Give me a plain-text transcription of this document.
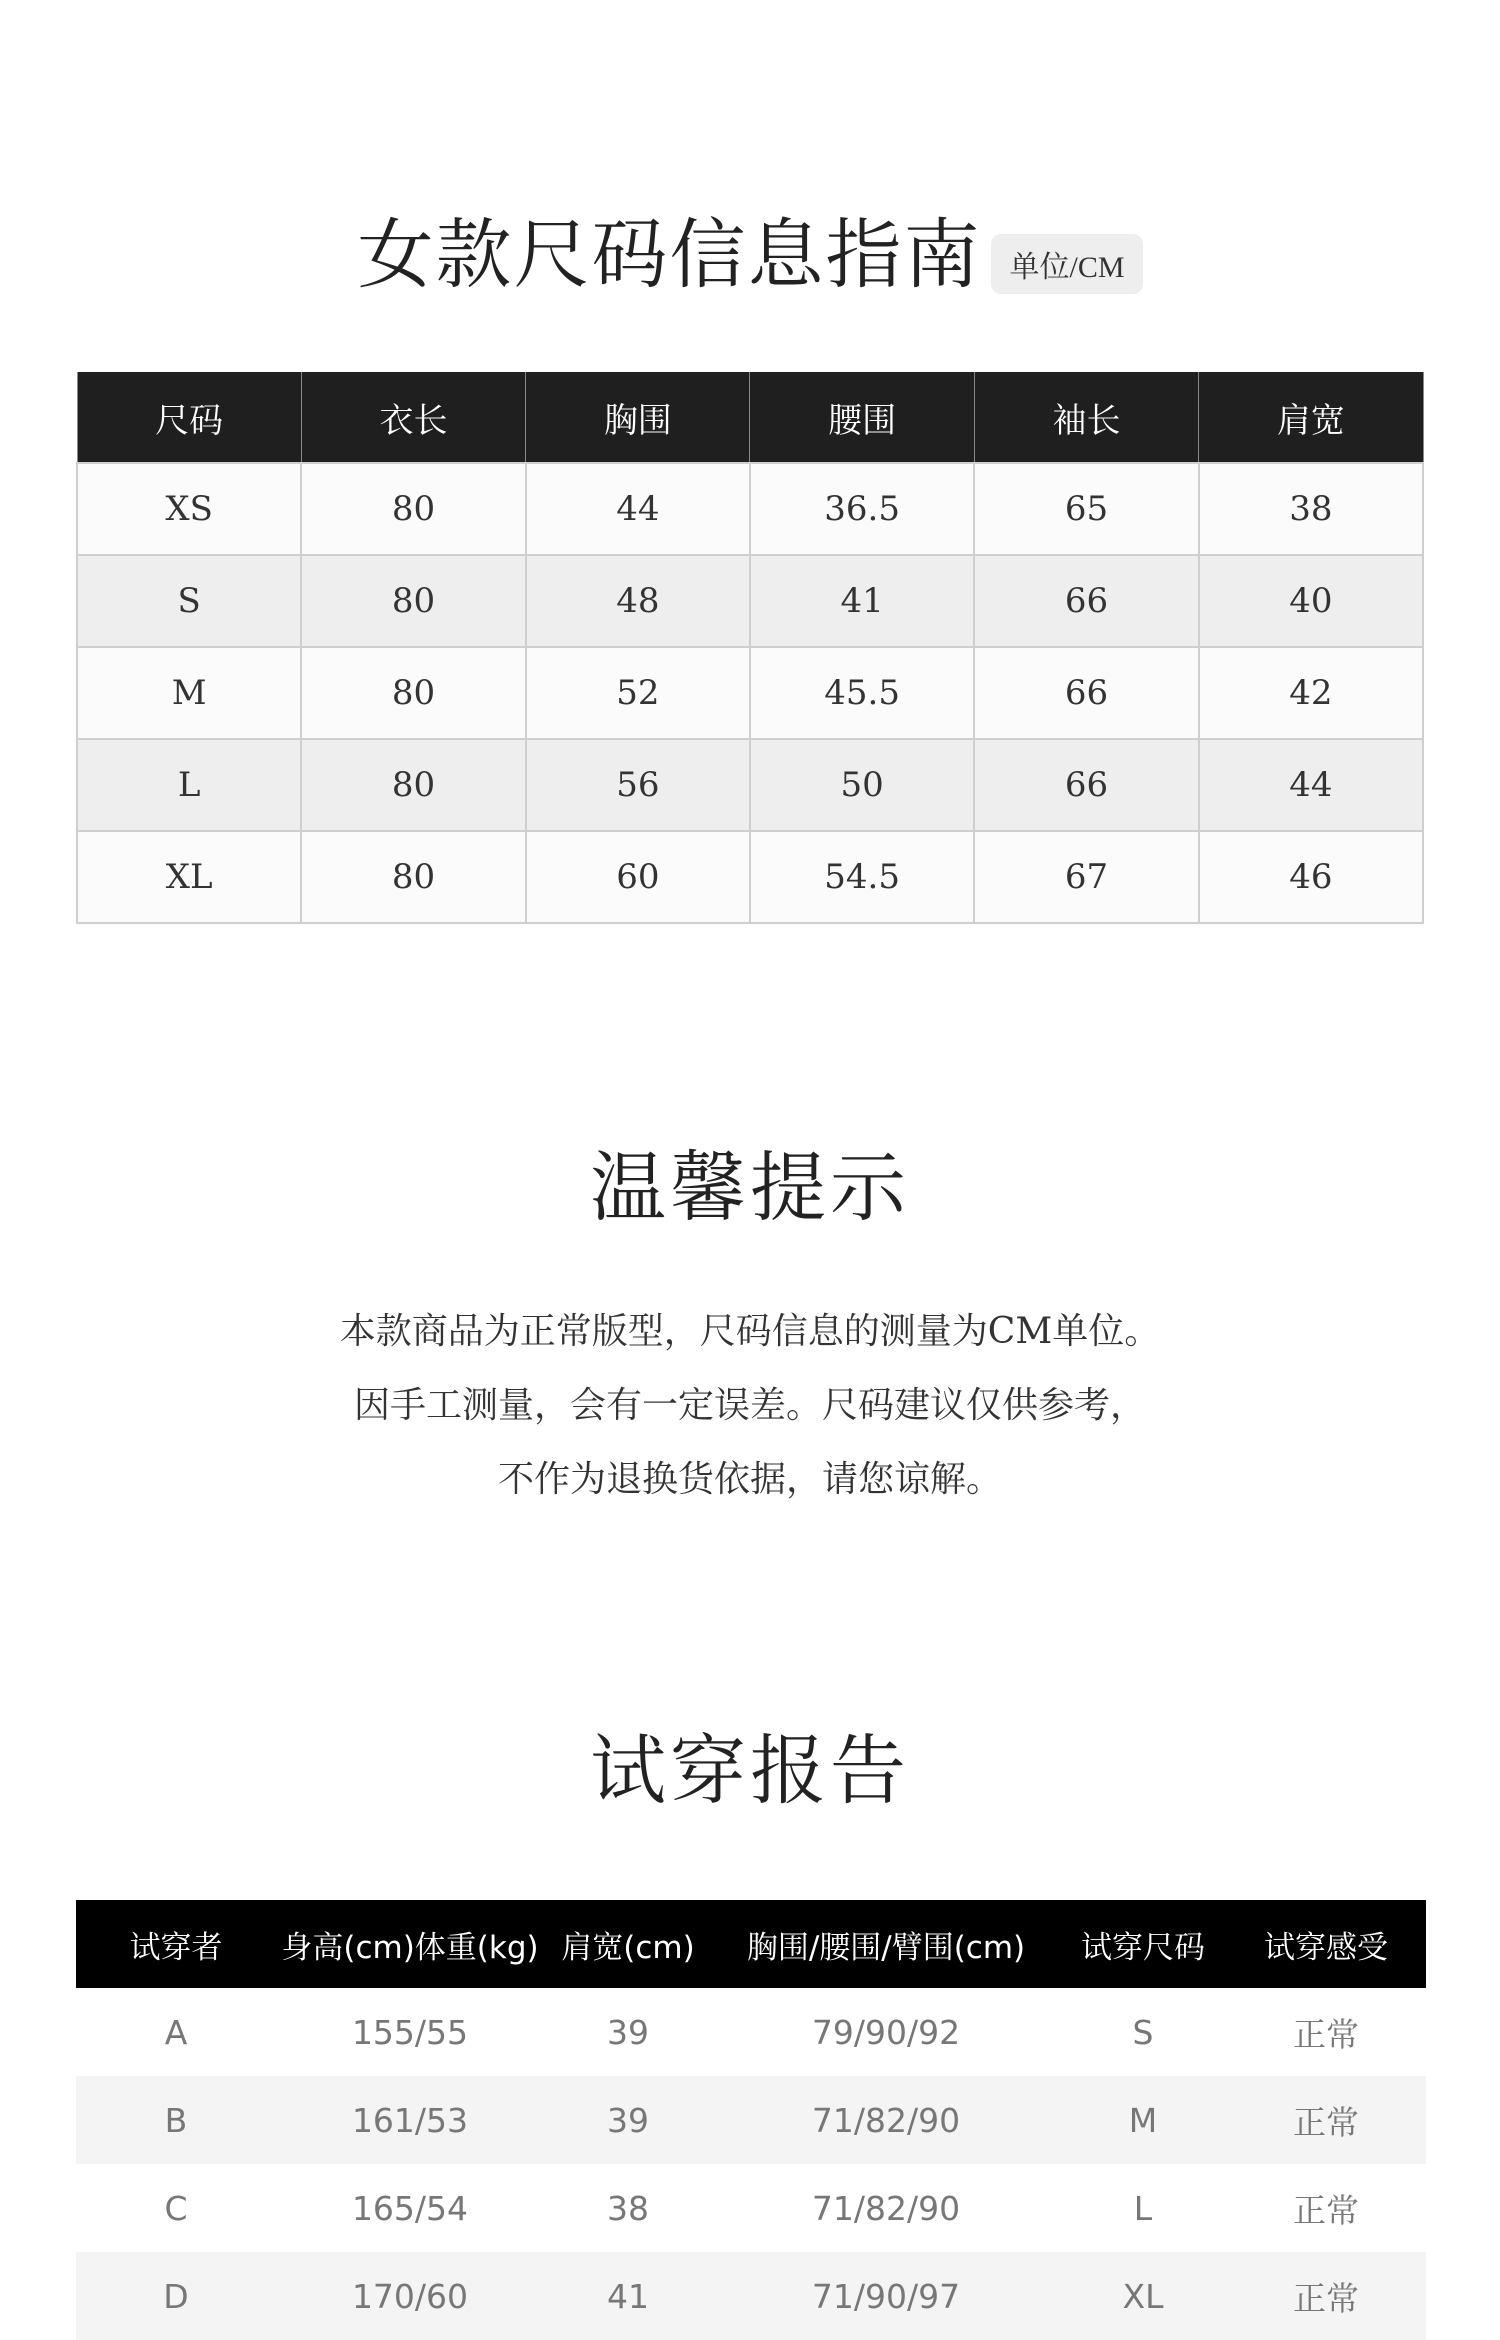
女款尺码信息指南 单位/CM
尺码	衣长	胸围	腰围	袖长	肩宽
XS	80	44	36.5	65	38
S	80	48	41	66	40
M	80	52	45.5	66	42
L	80	56	50	66	44
XL	80	60	54.5	67	46
温馨提示
本款商品为正常版型，尺码信息的测量为CM单位。
因手工测量，会有一定误差。尺码建议仅供参考，
不作为退换货依据，请您谅解。
试穿报告
试穿者	身高(cm)体重(kg)	肩宽(cm)	胸围/腰围/臂围(cm)	试穿尺码	试穿感受
A	155/55	39	79/90/92	S	正常
B	161/53	39	71/82/90	M	正常
C	165/54	38	71/82/90	L	正常
D	170/60	41	71/90/97	XL	正常
